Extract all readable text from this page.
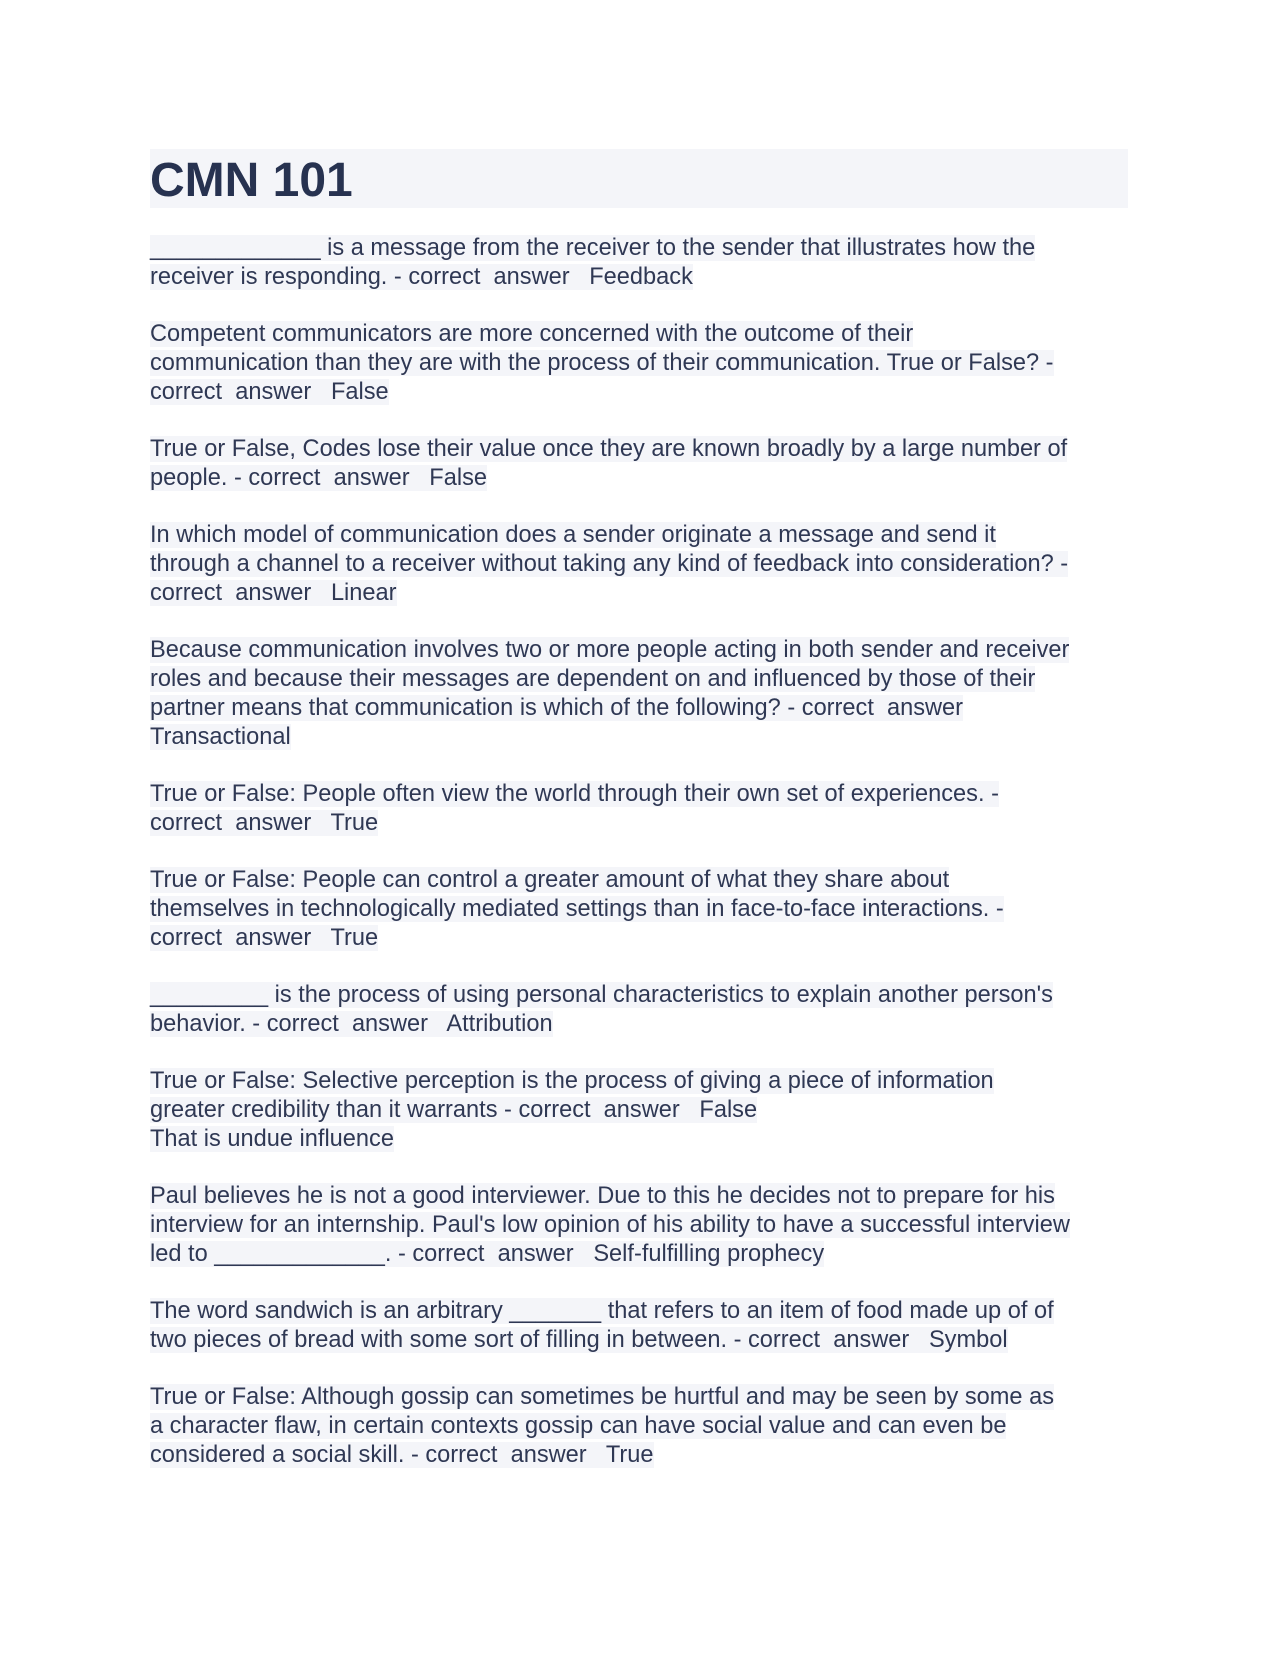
CMN 101

_____________ is a message from the receiver to the sender that illustrates how the
receiver is responding. - correct  answer   Feedback

Competent communicators are more concerned with the outcome of their
communication than they are with the process of their communication. True or False? -
correct  answer   False

True or False, Codes lose their value once they are known broadly by a large number of
people. - correct  answer   False

In which model of communication does a sender originate a message and send it
through a channel to a receiver without taking any kind of feedback into consideration? -
correct  answer   Linear

Because communication involves two or more people acting in both sender and receiver
roles and because their messages are dependent on and influenced by those of their
partner means that communication is which of the following? - correct  answer
Transactional

True or False: People often view the world through their own set of experiences. -
correct  answer   True

True or False: People can control a greater amount of what they share about
themselves in technologically mediated settings than in face-to-face interactions. -
correct  answer   True

_________ is the process of using personal characteristics to explain another person's
behavior. - correct  answer   Attribution

True or False: Selective perception is the process of giving a piece of information
greater credibility than it warrants - correct  answer   False
That is undue influence

Paul believes he is not a good interviewer. Due to this he decides not to prepare for his
interview for an internship. Paul's low opinion of his ability to have a successful interview
led to _____________. - correct  answer   Self-fulfilling prophecy

The word sandwich is an arbitrary _______ that refers to an item of food made up of of
two pieces of bread with some sort of filling in between. - correct  answer   Symbol

True or False: Although gossip can sometimes be hurtful and may be seen by some as
a character flaw, in certain contexts gossip can have social value and can even be
considered a social skill. - correct  answer   True
